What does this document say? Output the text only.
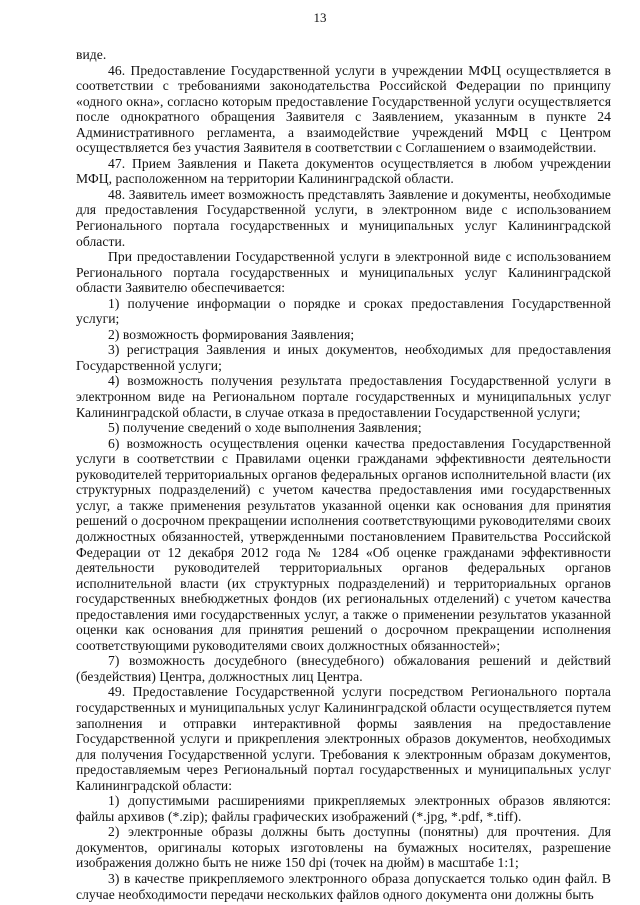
13

виде.

46. Предоставление Государственной услуги в учреждении МФЦ осуществляется в соответствии с требованиями законодательства Российской Федерации по принципу «одного окна», согласно которым предоставление Государственной услуги осуществляется после однократного обращения Заявителя с Заявлением, указанным в пункте 24 Административного регламента, а взаимодействие учреждений МФЦ с Центром осуществляется без участия Заявителя в соответствии с Соглашением о взаимодействии.

47. Прием Заявления и Пакета документов осуществляется в любом учреждении МФЦ, расположенном на территории Калининградской области.

48. Заявитель имеет возможность представлять Заявление и документы, необходимые для предоставления Государственной услуги, в электронном виде с использованием Регионального портала государственных и муниципальных услуг Калининградской области.

При предоставлении Государственной услуги в электронной виде с использованием Регионального портала государственных и муниципальных услуг Калининградской области Заявителю обеспечивается:

1) получение информации о порядке и сроках предоставления Государственной услуги;

2) возможность формирования Заявления;

3) регистрация Заявления и иных документов, необходимых для предоставления Государственной услуги;

4) возможность получения результата предоставления Государственной услуги в электронном виде на Региональном портале государственных и муниципальных услуг Калининградской области, в случае отказа в предоставлении Государственной услуги;

5) получение сведений о ходе выполнения Заявления;

6) возможность осуществления оценки качества предоставления Государственной услуги в соответствии с Правилами оценки гражданами эффективности деятельности руководителей территориальных органов федеральных органов исполнительной власти (их структурных подразделений) с учетом качества предоставления ими государственных услуг, а также применения результатов указанной оценки как основания для принятия решений о досрочном прекращении исполнения соответствующими руководителями своих должностных обязанностей, утвержденными постановлением Правительства Российской Федерации от 12 декабря 2012 года № 1284 «Об оценке гражданами эффективности деятельности руководителей территориальных органов федеральных органов исполнительной власти (их структурных подразделений) и территориальных органов государственных внебюджетных фондов (их региональных отделений) с учетом качества предоставления ими государственных услуг, а также о применении результатов указанной оценки как основания для принятия решений о досрочном прекращении исполнения соответствующими руководителями своих должностных обязанностей»;

7) возможность досудебного (внесудебного) обжалования решений и действий (бездействия) Центра, должностных лиц Центра.

49. Предоставление Государственной услуги посредством Регионального портала государственных и муниципальных услуг Калининградской области осуществляется путем заполнения и отправки интерактивной формы заявления на предоставление Государственной услуги и прикрепления электронных образов документов, необходимых для получения Государственной услуги. Требования к электронным образам документов, предоставляемым через Региональный портал государственных и муниципальных услуг Калининградской области:

1) допустимыми расширениями прикрепляемых электронных образов являются: файлы архивов (*.zip); файлы графических изображений (*.jpg, *.pdf, *.tiff).

2) электронные образы должны быть доступны (понятны) для прочтения. Для документов, оригиналы которых изготовлены на бумажных носителях, разрешение изображения должно быть не ниже 150 dpi (точек на дюйм) в масштабе 1:1;

3) в качестве прикрепляемого электронного образа допускается только один файл. В случае необходимости передачи нескольких файлов одного документа они должны быть
